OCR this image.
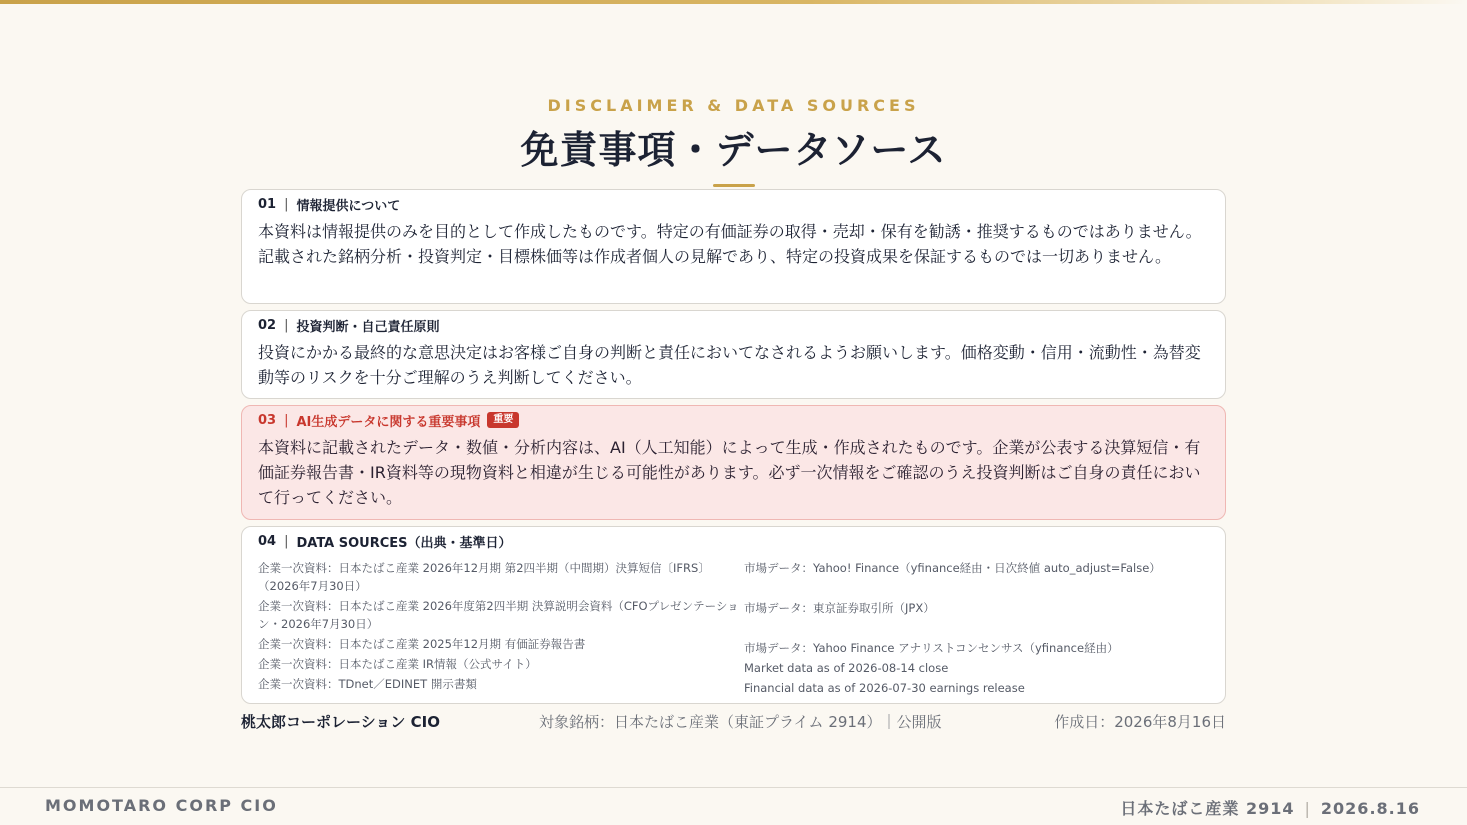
DISCLAIMER & DATA SOURCES
免責事項・データソース
01 | 情報提供について
本資料は情報提供のみを目的として作成したものです。特定の有価証券の取得・売却・保有を勧誘・推奨するものではありません。記載された銘柄分析・投資判定・目標株価等は作成者個人の見解であり、特定の投資成果を保証するものでは一切ありません。
02 | 投資判断・自己責任原則
投資にかかる最終的な意思決定はお客様ご自身の判断と責任においてなされるようお願いします。価格変動・信用・流動性・為替変動等のリスクを十分ご理解のうえ判断してください。
03 | AI生成データに関する重要事項	重要
本資料に記載されたデータ・数値・分析内容は、AI（人工知能）によって生成・作成されたものです。企業が公表する決算短信・有価証券報告書・IR資料等の現物資料と相違が生じる可能性があります。必ず一次情報をご確認のうえ投資判断はご自身の責任において行ってください。
04 | DATA SOURCES（出典・基準日）
企業一次資料：日本たばこ産業 2026年12月期 第2四半期（中間期）決算短信〔IFRS〕（2026年7月30日）
企業一次資料：日本たばこ産業 2026年度第2四半期 決算説明会資料（CFOプレゼンテーション・2026年7月30日）
企業一次資料：日本たばこ産業 2025年12月期 有価証券報告書
企業一次資料：日本たばこ産業 IR情報（公式サイト）
企業一次資料：TDnet／EDINET 開示書類
市場データ：Yahoo! Finance（yfinance経由・日次終値 auto_adjust=False）
市場データ：東京証券取引所（JPX）
市場データ：Yahoo Finance アナリストコンセンサス（yfinance経由）
Market data as of 2026-08-14 close
Financial data as of 2026-07-30 earnings release
桃太郎コーポレーション CIO	対象銘柄：日本たばこ産業（東証プライム 2914）｜公開版	作成日：2026年8月16日
MOMOTARO CORP CIO	日本たばこ産業 2914 | 2026.8.16
